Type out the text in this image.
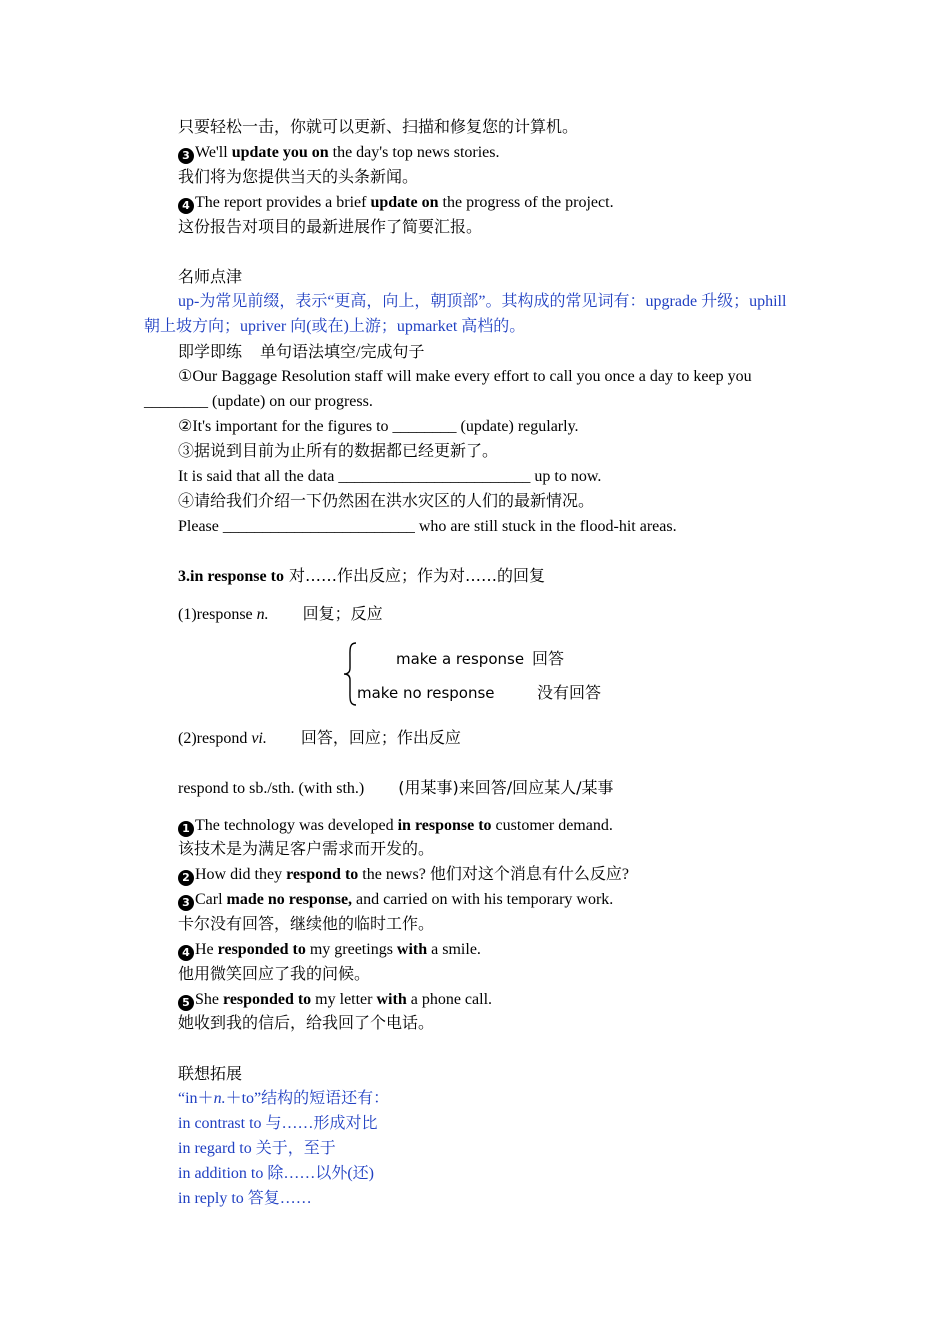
只要轻松一击，你就可以更新、扫描和修复您的计算机。
3 We'll update you on the day's top news stories.
我们将为您提供当天的头条新闻。
4 The report provides a brief update on the progress of the project.
这份报告对项目的最新进展作了简要汇报。
名师点津
up-为常见前缀，表示“更高，向上，朝顶部”。其构成的常见词有：upgrade 升级；uphill
朝上坡方向；upriver 向(或在)上游；upmarket 高档的。
即学即练 单句语法填空/完成句子
①Our Baggage Resolution staff will make every effort to call you once a day to keep you
________ (update) on our progress.
②It's important for the figures to ________ (update) regularly.
③据说到目前为止所有的数据都已经更新了。
It is said that all the data ________________________ up to now.
④请给我们介绍一下仍然困在洪水灾区的人们的最新情况。
Please ________________________ who are still stuck in the flood-hit areas.
3.in response to 对……作出反应；作为对……的回复
(1)response n. 回复；反应
make a response 回答
make no response	没有回答
(2)respond vi. 回答，回应；作出反应
respond to sb./sth. (with sth.) (用某事)来回答/回应某人/某事
1 The technology was developed in response to customer demand.
该技术是为满足客户需求而开发的。
2 How did they respond to the news? 他们对这个消息有什么反应?
3 Carl made no response, and carried on with his temporary work.
卡尔没有回答，继续他的临时工作。
4 He responded to my greetings with a smile.
他用微笑回应了我的问候。
5 She responded to my letter with a phone call.
她收到我的信后，给我回了个电话。
联想拓展
“in＋n.＋to”结构的短语还有：
in contrast to 与……形成对比
in regard to 关于，至于
in addition to 除……以外(还)
in reply to 答复……
